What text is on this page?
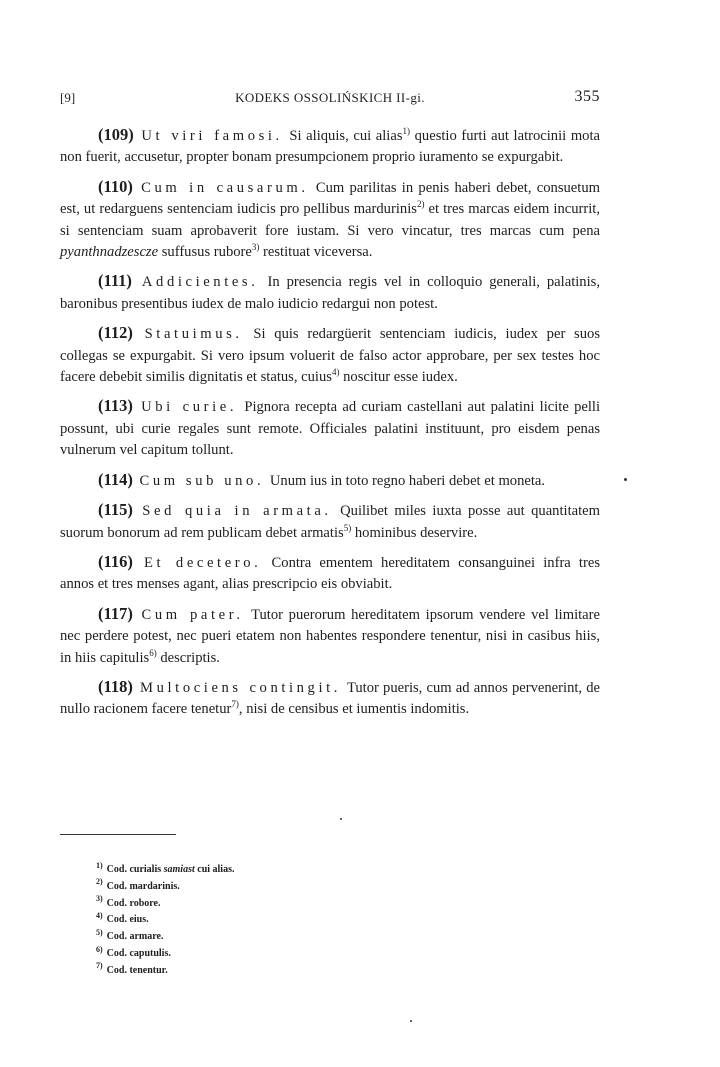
[9]	KODEKS OSSOLIŃSKICH II-gi.	355

(109) Ut viri famosi. Si aliquis, cui alias$^{1)}$ questio furti aut latrocinii mota non fuerit, accusetur, propter bonam presumpcionem proprio iuramento se expurgabit.

(110) Cum in causarum. Cum parilitas in penis haberi debet, consuetum est, ut redarguens sentenciam iudicis pro pellibus mardurinis$^{2)}$ et tres marcas eidem incurrit, si sentenciam suam aprobaverit fore iustam. Si vero vincatur, tres marcas cum pena pyanthnadzescze suffusus rubore$^{3)}$ restituat viceversa.

(111) Addicientes. In presencia regis vel in colloquio generali, palatinis, baronibus presentibus iudex de malo iudicio redargui non potest.

(112) Statuimus. Si quis redargüerit sentenciam iudicis, iudex per suos collegas se expurgabit. Si vero ipsum voluerit de falso actor approbare, per sex testes hoc facere debebit similis dignitatis et status, cuius$^{4)}$ noscitur esse iudex.

(113) Ubi curie. Pignora recepta ad curiam castellani aut palatini licite pelli possunt, ubi curie regales sunt remote. Officiales palatini instituunt, pro eisdem penas vulnerum vel capitum tollunt.

(114) Cum sub uno. Unum ius in toto regno haberi debet et moneta.

(115) Sed quia in armata. Quilibet miles iuxta posse aut quantitatem suorum bonorum ad rem publicam debet armatis$^{5)}$ hominibus deservire.

(116) Et decetero. Contra ementem hereditatem consanguinei infra tres annos et tres menses agant, alias prescripcio eis obviabit.

(117) Cum pater. Tutor puerorum hereditatem ipsorum vendere vel limitare nec perdere potest, nec pueri etatem non habentes respondere tenentur, nisi in casibus hiis, in hiis capitulis$^{6)}$ descriptis.

(118) Multociens contingit. Tutor pueris, cum ad annos pervenerint, de nullo racionem facere tenetur$^{7)}$, nisi de censibus et iumentis indomitis.

$^{1)}$ Cod. curialis samiast cui alias.
$^{2)}$ Cod. mardarinis.
$^{3)}$ Cod. robore.
$^{4)}$ Cod. eius.
$^{5)}$ Cod. armare.
$^{6)}$ Cod. caputulis.
$^{7)}$ Cod. tenentur.
